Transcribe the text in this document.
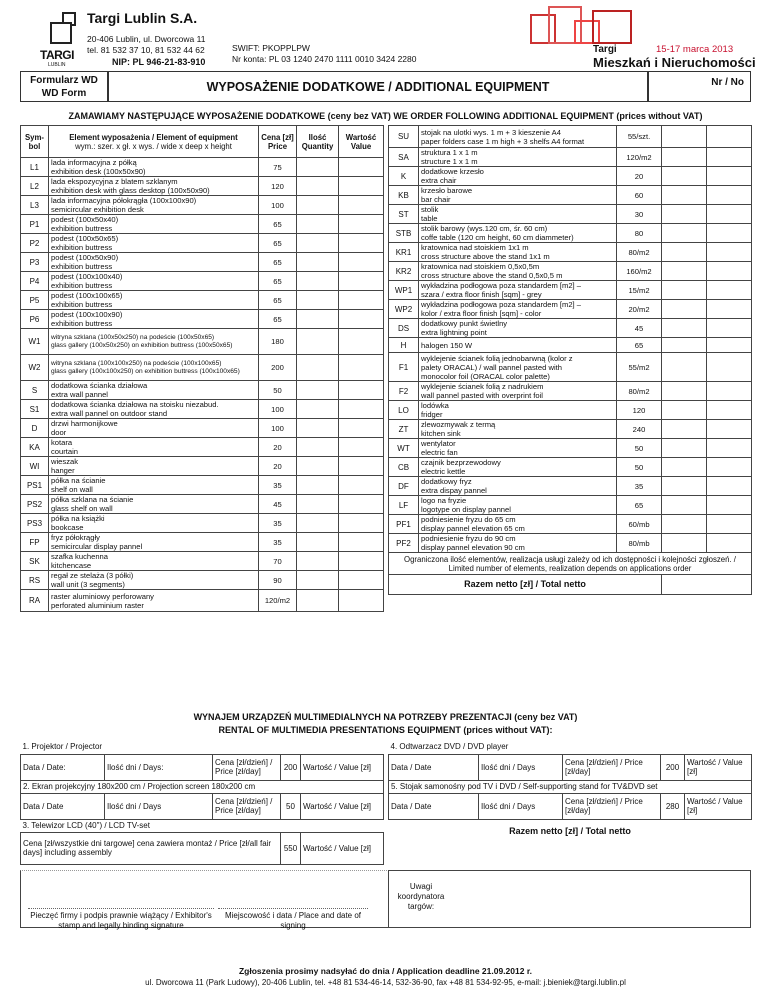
TARGI
LUBLIN
Targi Lublin S.A.
20-406 Lublin, ul. Dworcowa 11
tel. 81 532 37 10, 81 532 44 62
NIP: PL 946-21-83-910
SWIFT: PKOPPLPW
Nr konta: PL 03 1240 2470 1111 0010 3424 2280
Targi	15-17 marca 2013
Mieszkań i Nieruchomości
Formularz WD
WD Form	WYPOSAŻENIE DODATKOWE / ADDITIONAL EQUIPMENT	Nr / No
ZAMAWIAMY NASTĘPUJĄCE WYPOSAŻENIE DODATKOWE (ceny bez VAT) WE ORDER FOLLOWING ADDITIONAL EQUIPMENT (prices without VAT)
Sym-bol	Element wyposażenia / Element of equipment
wym.: szer. x gł. x wys. / wide x deep x height	Cena [zł] Price	Ilość Quantity	Wartość Value
L1	lada informacyjna z półką
exhibition desk (100x50x90)	75		
L2	lada ekspozycyjna z blatem szklanym
exhibition desk with glass desktop (100x50x90)	120		
L3	lada informacyjna półokrągła (100x100x90)
semicircular exhibition desk	100		
P1	podest (100x50x40)
exhibition buttress	65		
P2	podest (100x50x65)
exhibition buttress	65		
P3	podest (100x50x90)
exhibition buttress	65		
P4	podest (100x100x40)
exhibition buttress	65		
P5	podest (100x100x65)
exhibition buttress	65		
P6	podest (100x100x90)
exhibition buttress	65		
W1	witryna szklana (100x50x250) na podeście (100x50x65)
glass gallery (100x50x250) on exhibition buttress (100x50x65)	180		
W2	witryna szklana (100x100x250) na podeście (100x100x65)
glass gallery (100x100x250) on exhibition buttress (100x100x65)	200		
S	dodatkowa ścianka działowa
extra wall pannel	50		
S1	dodatkowa ścianka działowa na stoisku niezabud.
extra wall pannel on outdoor stand	100		
D	drzwi harmonijkowe
door	100		
KA	kotara
courtain	20		
WI	wieszak
hanger	20		
PS1	półka na ścianie
shelf on wall	35		
PS2	półka szklana na ścianie
glass shelf on wall	45		
PS3	półka na książki
bookcase	35		
FP	fryz półokrągły
semicircular display pannel	35		
SK	szafka kuchenna
kitchencase	70		
RS	regał ze stelaża (3 półki)
wall unit (3 segments)	90		
RA	raster aluminiowy perforowany
perforated aluminium raster	120/m2		
SU	stojak na ulotki wys. 1 m + 3 kieszenie A4
paper folders case 1 m high + 3 shelfs A4 format	55/szt.		
SA	struktura 1 x 1 m
structure 1 x 1 m	120/m2		
K	dodatkowe krzesło
extra chair	20		
KB	krzesło barowe
bar chair	60		
ST	stolik
table	30		
STB	stolik barowy (wys.120 cm, śr. 60 cm)
coffe table (120 cm height, 60 cm diammeter)	80		
KR1	kratownica nad stoiskiem 1x1 m
cross structure above the stand 1x1 m	80/m2		
KR2	kratownica nad stoiskiem 0,5x0,5m
cross structure above the stand 0,5x0,5 m	160/m2		
WP1	wykładzina podłogowa poza standardem [m2] –
szara / extra floor finish [sqm] - grey	15/m2		
WP2	wykładzina podłogowa poza standardem [m2] –
kolor / extra floor finish [sqm] - color	20/m2		
DS	dodatkowy punkt świetlny
extra lightning point	45		
H	halogen 150 W	65		
F1	wyklejenie ścianek folią jednobarwną (kolor z
palety ORACAL) / wall pannel pasted with
monocolor foil (ORACAL color palette)	55/m2		
F2	wyklejenie ścianek folią z nadrukiem
wall pannel pasted with overprint foil	80/m2		
LO	lodówka
fridger	120		
ZT	zlewozmywak z termą
kitchen sink	240		
WT	wentylator
electric fan	50		
CB	czajnik bezprzewodowy
electric kettle	50		
DF	dodatkowy fryz
extra dispay pannel	35		
LF	logo na fryzie
logotype on display pannel	65		
PF1	podniesienie fryzu do 65 cm
display pannel elevation 65 cm	60/mb		
PF2	podniesienie fryzu do 90 cm
display pannel elevation 90 cm	80/mb		
Ograniczona ilość elementów, realizacja usługi zależy od ich dostępności i kolejności zgłoszeń. / Limited number of elements, realization depends on applications order				
Razem netto [zł] / Total netto				
WYNAJEM URZĄDZEŃ MULTIMEDIALNYCH NA POTRZEBY PREZENTACJI (ceny bez VAT)
RENTAL OF MULTIMEDIA PRESENTATIONS EQUIPMENT (prices without VAT):
1. Projektor / Projector				
Data / Date:	Ilość dni / Days:	Cena [zł/dzień] / Price [zł/day]	200	Wartość / Value [zł]
2. Ekran projekcyjny 180x200 cm / Projection screen 180x200 cm				
Data / Date	Ilość dni / Days	Cena [zł/dzień] / Price [zł/day]	50	Wartość / Value [zł]
3. Telewizor LCD (40") / LCD TV-set				
Cena [zł/wszystkie dni targowe] cena zawiera montaż / Price [zł/all fair days] including assembly			550	Wartość / Value [zł]
4. Odtwarzacz DVD / DVD player				
Data / Date	Ilość dni / Days	Cena [zł/dzień] / Price [zł/day]	200	Wartość / Value [zł]
5. Stojak samonośny pod TV i DVD / Self-supporting stand for TV&DVD set				
Data / Date	Ilość dni / Days	Cena [zł/dzień] / Price [zł/day]	280	Wartość / Value [zł]
Razem netto [zł] / Total netto				
Pieczęć firmy i podpis prawnie wiążący / Exhibitor's stamp and legally binding signature
Miejscowość i data / Place and date of signing
Uwagi koordynatora targów:
Zgłoszenia prosimy nadsyłać do dnia / Application deadline 21.09.2012 r.
ul. Dworcowa 11 (Park Ludowy), 20-406 Lublin, tel. +48 81 534-46-14, 532-36-90, fax +48 81 534-92-95, e-mail: j.bieniek@targi.lublin.pl
